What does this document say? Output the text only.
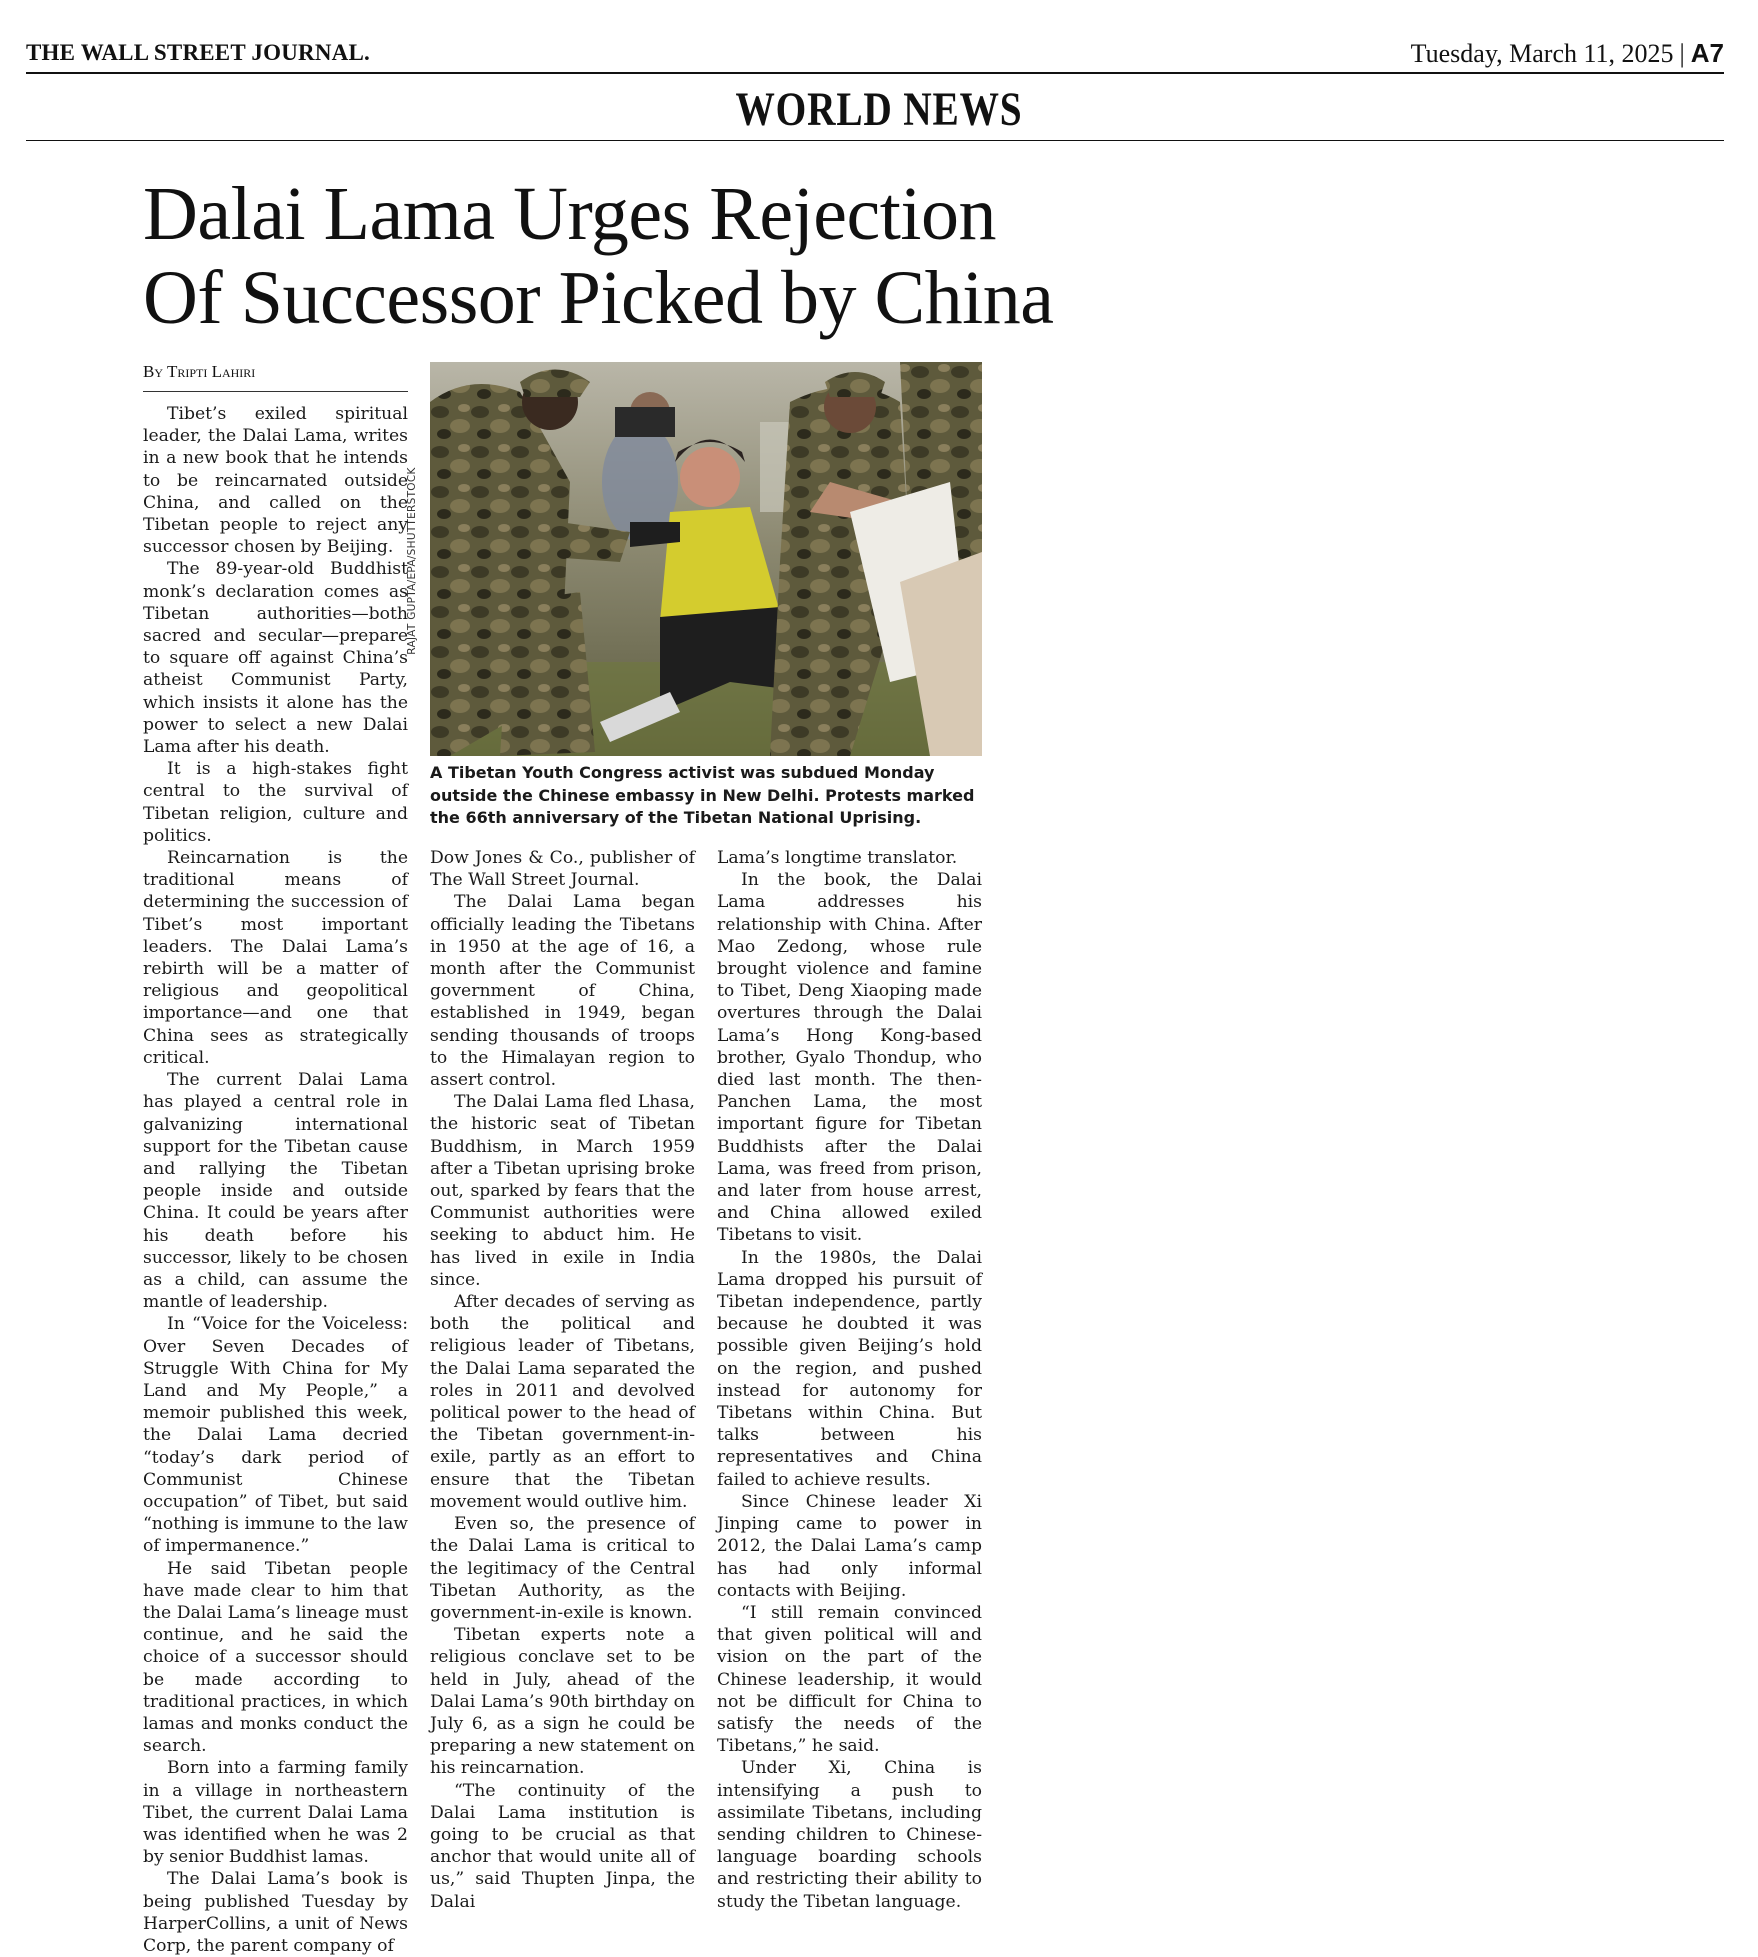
THE WALL STREET JOURNAL.	Tuesday, March 11, 2025 | A7
WORLD NEWS
Dalai Lama Urges Rejection
Of Successor Picked by China
By Tripti Lahiri
RAJAT GUPTA/EPA/SHUTTERSTOCK
A Tibetan Youth Congress activist was subdued Monday outside the Chinese embassy in New Delhi. Protests marked the 66th anniversary of the Tibetan National Uprising.

Tibet’s exiled spiritual leader, the Dalai Lama, writes in a new book that he intends to be reincarnated outside China, and called on the Tibetan people to reject any successor chosen by Beijing.

The 89-year-old Buddhist monk’s declaration comes as Tibetan authorities—both sacred and secular—prepare to square off against China’s atheist Communist Party, which insists it alone has the power to select a new Dalai Lama after his death.

It is a high-stakes fight central to the survival of Tibetan religion, culture and politics.

Reincarnation is the traditional means of determining the succession of Tibet’s most important leaders. The Dalai Lama’s rebirth will be a matter of religious and geopolitical importance—and one that China sees as strategically critical.

The current Dalai Lama has played a central role in galvanizing international support for the Tibetan cause and rallying the Tibetan people inside and outside China. It could be years after his death before his successor, likely to be chosen as a child, can assume the mantle of leadership.

In “Voice for the Voiceless: Over Seven Decades of Struggle With China for My Land and My People,” a memoir published this week, the Dalai Lama decried “today’s dark period of Communist Chinese occupation” of Tibet, but said “nothing is immune to the law of impermanence.”

He said Tibetan people have made clear to him that the Dalai Lama’s lineage must continue, and he said the choice of a successor should be made according to traditional practices, in which lamas and monks conduct the search.

Born into a farming family in a village in northeastern Tibet, the current Dalai Lama was identified when he was 2 by senior Buddhist lamas.

The Dalai Lama’s book is being published Tuesday by HarperCollins, a unit of News Corp, the parent company of

Dow Jones & Co., publisher of The Wall Street Journal.

The Dalai Lama began officially leading the Tibetans in 1950 at the age of 16, a month after the Communist government of China, established in 1949, began sending thousands of troops to the Himalayan region to assert control.

The Dalai Lama fled Lhasa, the historic seat of Tibetan Buddhism, in March 1959 after a Tibetan uprising broke out, sparked by fears that the Communist authorities were seeking to abduct him. He has lived in exile in India since.

After decades of serving as both the political and religious leader of Tibetans, the Dalai Lama separated the roles in 2011 and devolved political power to the head of the Tibetan government-in-exile, partly as an effort to ensure that the Tibetan movement would outlive him.

Even so, the presence of the Dalai Lama is critical to the legitimacy of the Central Tibetan Authority, as the government-in-exile is known.

Tibetan experts note a religious conclave set to be held in July, ahead of the Dalai Lama’s 90th birthday on July 6, as a sign he could be preparing a new statement on his reincarnation.

“The continuity of the Dalai Lama institution is going to be crucial as that anchor that would unite all of us,” said Thupten Jinpa, the Dalai

Lama’s longtime translator.

In the book, the Dalai Lama addresses his relationship with China. After Mao Zedong, whose rule brought violence and famine to Tibet, Deng Xiaoping made overtures through the Dalai Lama’s Hong Kong-based brother, Gyalo Thondup, who died last month. The then-Panchen Lama, the most important figure for Tibetan Buddhists after the Dalai Lama, was freed from prison, and later from house arrest, and China allowed exiled Tibetans to visit.

In the 1980s, the Dalai Lama dropped his pursuit of Tibetan independence, partly because he doubted it was possible given Beijing’s hold on the region, and pushed instead for autonomy for Tibetans within China. But talks between his representatives and China failed to achieve results.

Since Chinese leader Xi Jinping came to power in 2012, the Dalai Lama’s camp has had only informal contacts with Beijing.

“I still remain convinced that given political will and vision on the part of the Chinese leadership, it would not be difficult for China to satisfy the needs of the Tibetans,” he said.

Under Xi, China is intensifying a push to assimilate Tibetans, including sending children to Chinese-language boarding schools and restricting their ability to study the Tibetan language.
